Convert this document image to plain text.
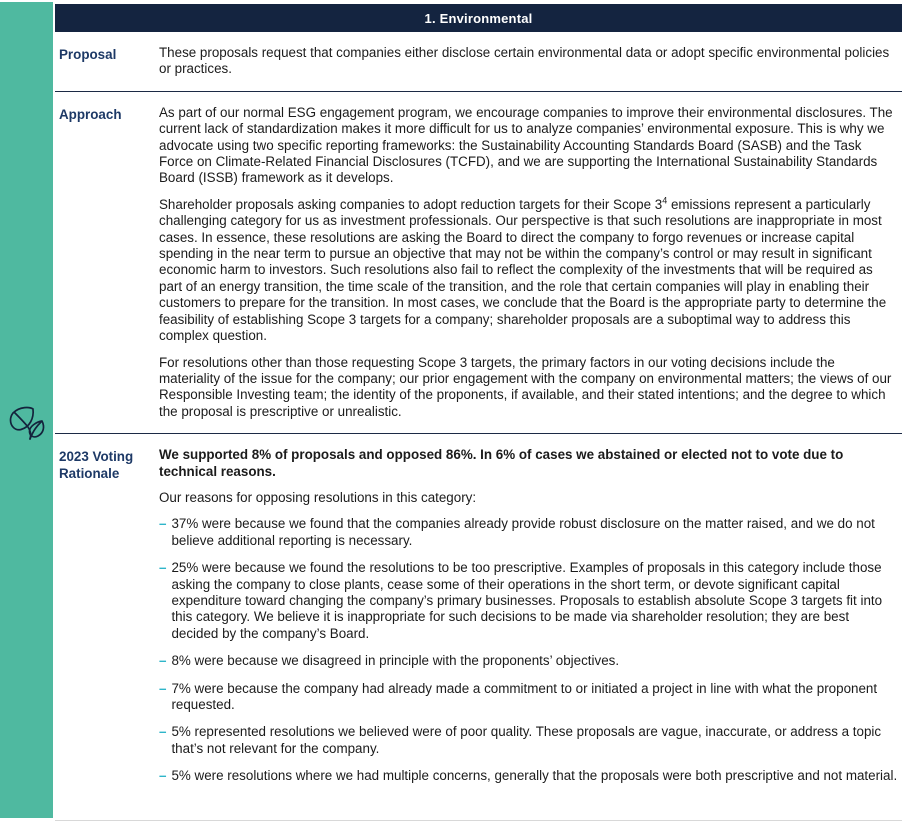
1. Environmental
Proposal	These proposals request that companies either disclose certain environmental data or adopt specific environmental policies or practices.

Approach	As part of our normal ESG engagement program, we encourage companies to improve their environmental disclosures. The current lack of standardization makes it more difficult for us to analyze companies’ environmental exposure. This is why we advocate using two specific reporting frameworks: the Sustainability Accounting Standards Board (SASB) and the Task Force on Climate-Related Financial Disclosures (TCFD), and we are supporting the International Sustainability Standards Board (ISSB) framework as it develops.

Shareholder proposals asking companies to adopt reduction targets for their Scope 3$^4$ emissions represent a particularly challenging category for us as investment professionals. Our perspective is that such resolutions are inappropriate in most cases. In essence, these resolutions are asking the Board to direct the company to forgo revenues or increase capital spending in the near term to pursue an objective that may not be within the company’s control or may result in significant economic harm to investors. Such resolutions also fail to reflect the complexity of the investments that will be required as part of an energy transition, the time scale of the transition, and the role that certain companies will play in enabling their customers to prepare for the transition. In most cases, we conclude that the Board is the appropriate party to determine the feasibility of establishing Scope 3 targets for a company; shareholder proposals are a suboptimal way to address this complex question.

For resolutions other than those requesting Scope 3 targets, the primary factors in our voting decisions include the materiality of the issue for the company; our prior engagement with the company on environmental matters; the views of our Responsible Investing team; the identity of the proponents, if available, and their stated intentions; and the degree to which the proposal is prescriptive or unrealistic.

2023 Voting Rationale

We supported 8% of proposals and opposed 86%. In 6% of cases we abstained or elected not to vote due to technical reasons.

Our reasons for opposing resolutions in this category:

– 37% were because we found that the companies already provide robust disclosure on the matter raised, and we do not believe additional reporting is necessary.
– 25% were because we found the resolutions to be too prescriptive. Examples of proposals in this category include those asking the company to close plants, cease some of their operations in the short term, or devote significant capital expenditure toward changing the company’s primary businesses. Proposals to establish absolute Scope 3 targets fit into this category. We believe it is inappropriate for such decisions to be made via shareholder resolution; they are best decided by the company’s Board.
– 8% were because we disagreed in principle with the proponents’ objectives.
– 7% were because the company had already made a commitment to or initiated a project in line with what the proponent requested.
– 5% represented resolutions we believed were of poor quality. These proposals are vague, inaccurate, or address a topic that’s not relevant for the company.
– 5% were resolutions where we had multiple concerns, generally that the proposals were both prescriptive and not material.
